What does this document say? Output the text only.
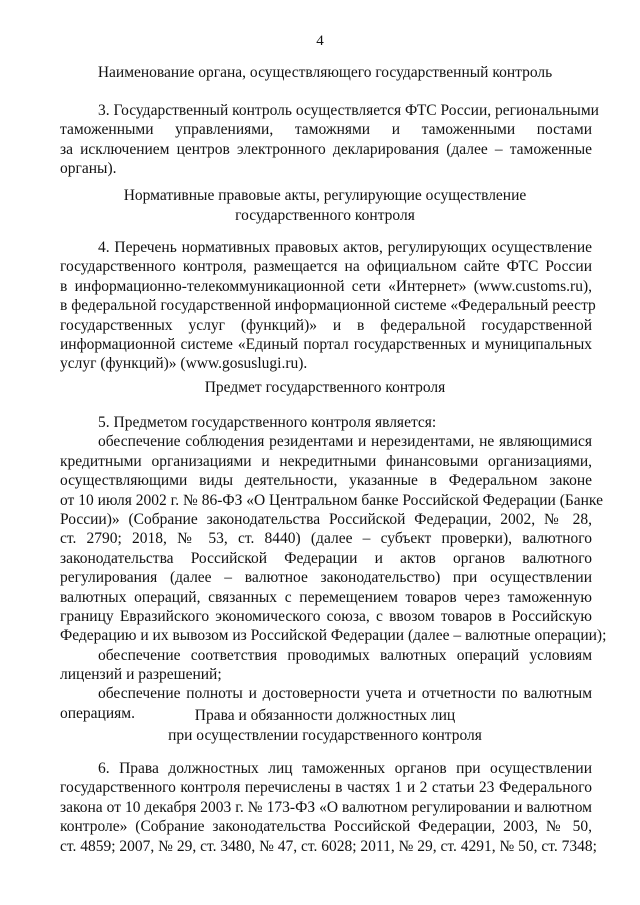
4
Наименование органа, осуществляющего государственный контроль
3. Государственный контроль осуществляется ФТС России, региональными
таможенными управлениями, таможнями и таможенными постами
за исключением центров электронного декларирования (далее – таможенные
органы).
Нормативные правовые акты, регулирующие осуществление
государственного контроля
4. Перечень нормативных правовых актов, регулирующих осуществление
государственного контроля, размещается на официальном сайте ФТС России
в информационно-телекоммуникационной сети «Интернет» (www.customs.ru),
в федеральной государственной информационной системе «Федеральный реестр
государственных услуг (функций)» и в федеральной государственной
информационной системе «Единый портал государственных и муниципальных
услуг (функций)» (www.gosuslugi.ru).
Предмет государственного контроля
5. Предметом государственного контроля является:
обеспечение соблюдения резидентами и нерезидентами, не являющимися
кредитными организациями и некредитными финансовыми организациями,
осуществляющими виды деятельности, указанные в Федеральном законе
от 10 июля 2002 г. № 86-ФЗ «О Центральном банке Российской Федерации (Банке
России)» (Собрание законодательства Российской Федерации, 2002, № 28,
ст. 2790; 2018, № 53, ст. 8440) (далее – субъект проверки), валютного
законодательства Российской Федерации и актов органов валютного
регулирования (далее – валютное законодательство) при осуществлении
валютных операций, связанных с перемещением товаров через таможенную
границу Евразийского экономического союза, с ввозом товаров в Российскую
Федерацию и их вывозом из Российской Федерации (далее – валютные операции);
обеспечение соответствия проводимых валютных операций условиям
лицензий и разрешений;
обеспечение полноты и достоверности учета и отчетности по валютным
операциям.	Права и обязанности должностных лиц
при осуществлении государственного контроля
6. Права должностных лиц таможенных органов при осуществлении
государственного контроля перечислены в частях 1 и 2 статьи 23 Федерального
закона от 10 декабря 2003 г. № 173-ФЗ «О валютном регулировании и валютном
контроле» (Собрание законодательства Российской Федерации, 2003, № 50,
ст. 4859; 2007, № 29, ст. 3480, № 47, ст. 6028; 2011, № 29, ст. 4291, № 50, ст. 7348;
